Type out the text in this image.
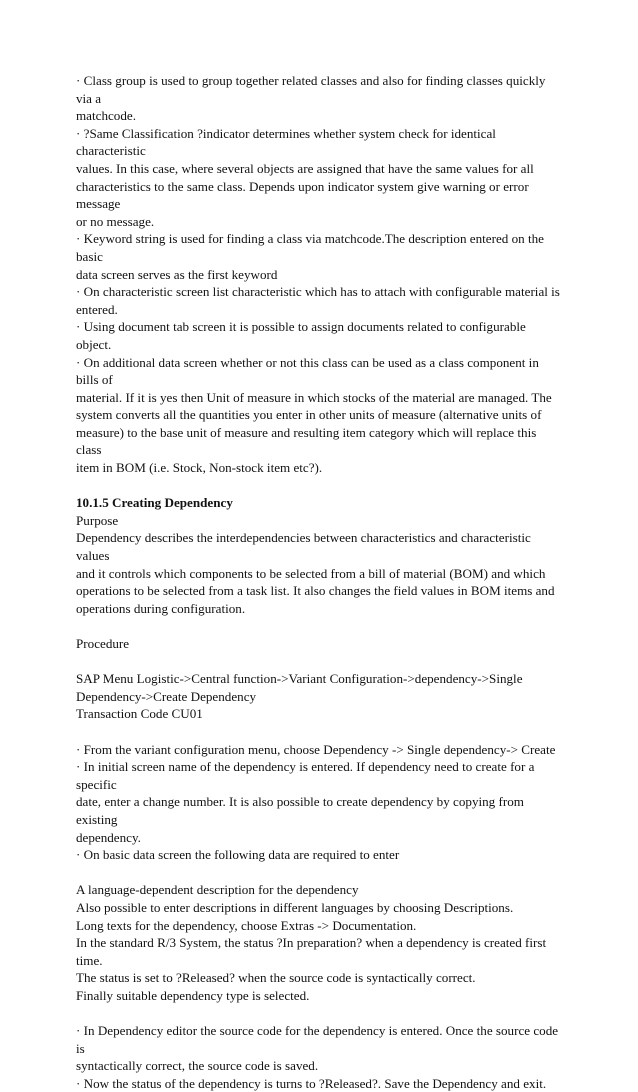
· Class group is used to group together related classes and also for finding classes quickly via a
matchcode.
· ?Same Classification ?indicator determines whether system check for identical characteristic
values. In this case, where several objects are assigned that have the same values for all
characteristics to the same class. Depends upon indicator system give warning or error message
or no message.
· Keyword string is used for finding a class via matchcode.The description entered on the basic
data screen serves as the first keyword
· On characteristic screen list characteristic which has to attach with configurable material is
entered.
· Using document tab screen it is possible to assign documents related to configurable object.
· On additional data screen whether or not this class can be used as a class component in bills of
material. If it is yes then Unit of measure in which stocks of the material are managed. The
system converts all the quantities you enter in other units of measure (alternative units of
measure) to the base unit of measure and resulting item category which will replace this class
item in BOM (i.e. Stock, Non-stock item etc?).
10.1.5 Creating Dependency
Purpose
Dependency describes the interdependencies between characteristics and characteristic values
and it controls which components to be selected from a bill of material (BOM) and which
operations to be selected from a task list. It also changes the field values in BOM items and
operations during configuration.
Procedure
SAP Menu Logistic->Central function->Variant Configuration->dependency->Single
Dependency->Create Dependency
Transaction Code CU01
· From the variant configuration menu, choose Dependency -> Single dependency-> Create
· In initial screen name of the dependency is entered. If dependency need to create for a specific
date, enter a change number. It is also possible to create dependency by copying from existing
dependency.
· On basic data screen the following data are required to enter
A language-dependent description for the dependency
Also possible to enter descriptions in different languages by choosing Descriptions.
Long texts for the dependency, choose Extras -> Documentation.
In the standard R/3 System, the status ?In preparation? when a dependency is created first time.
The status is set to ?Released? when the source code is syntactically correct.
Finally suitable dependency type is selected.
· In Dependency editor the source code for the dependency is entered. Once the source code is
syntactically correct, the source code is saved.
· Now the status of the dependency is turns to ?Released?. Save the Dependency and exit.
